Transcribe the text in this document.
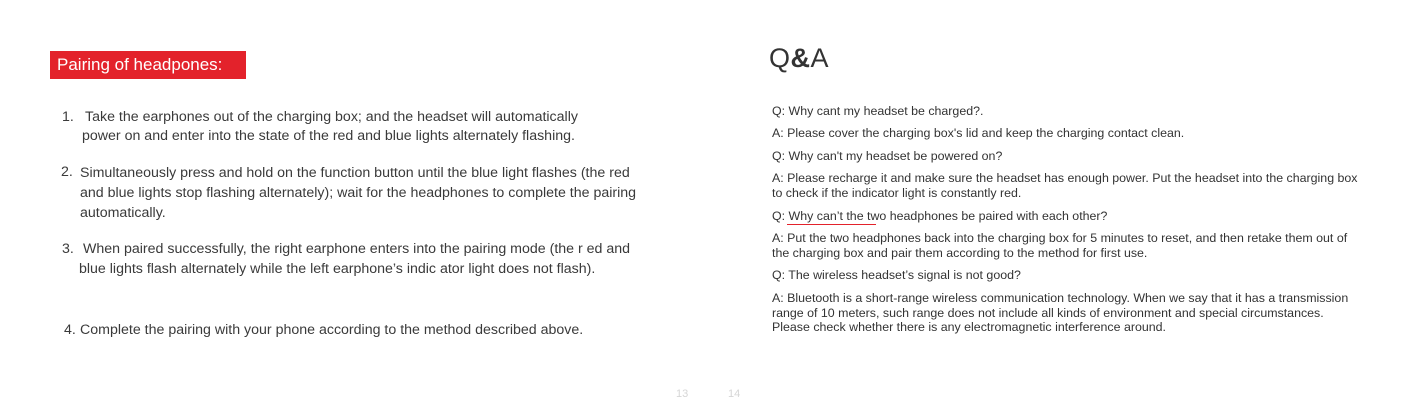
Pairing of headpones:
1. Take the earphones out of the charging box; and the headset will automatically
power on and enter into the state of the red and blue lights alternately flashing.
2. Simultaneously press and hold on the function button until the blue light flashes (the red
and blue lights stop flashing alternately); wait for the headphones to complete the pairing
automatically.
3. When paired successfully, the right earphone enters into the pairing mode (the r ed and
blue lights flash alternately while the left earphone’s indic ator light does not flash).
4. Complete the pairing with your phone according to the method described above.
Q&A
Q: Why cant my headset be charged?.
A: Please cover the charging box's lid and keep the charging contact clean.
Q: Why can't my headset be powered on?
A: Please recharge it and make sure the headset has enough power. Put the headset into the charging box
to check if the indicator light is constantly red.
Q: Why can’t the two headphones be paired with each other?
A: Put the two headphones back into the charging box for 5 minutes to reset, and then retake them out of
the charging box and pair them according to the method for first use.
Q: The wireless headset’s signal is not good?
A: Bluetooth is a short-range wireless communication technology. When we say that it has a transmission
range of 10 meters, such range does not include all kinds of environment and special circumstances.
Please check whether there is any electromagnetic interference around.
13	14
